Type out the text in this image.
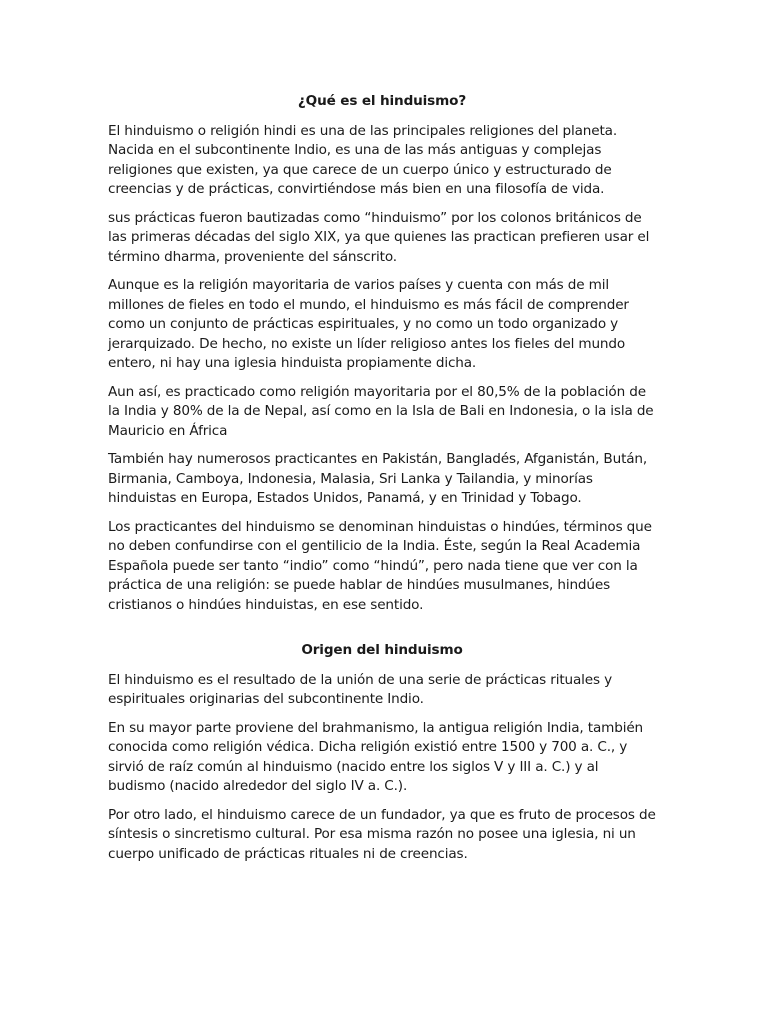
¿Qué es el hinduismo?

El hinduismo o religión hindi es una de las principales religiones del planeta. Nacida en el subcontinente Indio, es una de las más antiguas y complejas religiones que existen, ya que carece de un cuerpo único y estructurado de creencias y de prácticas, convirtiéndose más bien en una filosofía de vida.

sus prácticas fueron bautizadas como “hinduismo” por los colonos británicos de las primeras décadas del siglo XIX, ya que quienes las practican prefieren usar el término dharma, proveniente del sánscrito.

Aunque es la religión mayoritaria de varios países y cuenta con más de mil millones de fieles en todo el mundo, el hinduismo es más fácil de comprender como un conjunto de prácticas espirituales, y no como un todo organizado y jerarquizado. De hecho, no existe un líder religioso antes los fieles del mundo entero, ni hay una iglesia hinduista propiamente dicha.

Aun así, es practicado como religión mayoritaria por el 80,5% de la población de la India y 80% de la de Nepal, así como en la Isla de Bali en Indonesia, o la isla de Mauricio en África

También hay numerosos practicantes en Pakistán, Bangladés, Afganistán, Bután, Birmania, Camboya, Indonesia, Malasia, Sri Lanka y Tailandia, y minorías hinduistas en Europa, Estados Unidos, Panamá, y en Trinidad y Tobago.

Los practicantes del hinduismo se denominan hinduistas o hindúes, términos que no deben confundirse con el gentilicio de la India. Éste, según la Real Academia Española puede ser tanto “indio” como “hindú”, pero nada tiene que ver con la práctica de una religión: se puede hablar de hindúes musulmanes, hindúes cristianos o hindúes hinduistas, en ese sentido.

Origen del hinduismo

El hinduismo es el resultado de la unión de una serie de prácticas rituales y espirituales originarias del subcontinente Indio.

En su mayor parte proviene del brahmanismo, la antigua religión India, también conocida como religión védica. Dicha religión existió entre 1500 y 700 a. C., y sirvió de raíz común al hinduismo (nacido entre los siglos V y III a. C.) y al budismo (nacido alrededor del siglo IV a. C.).

Por otro lado, el hinduismo carece de un fundador, ya que es fruto de procesos de síntesis o sincretismo cultural. Por esa misma razón no posee una iglesia, ni un cuerpo unificado de prácticas rituales ni de creencias.
